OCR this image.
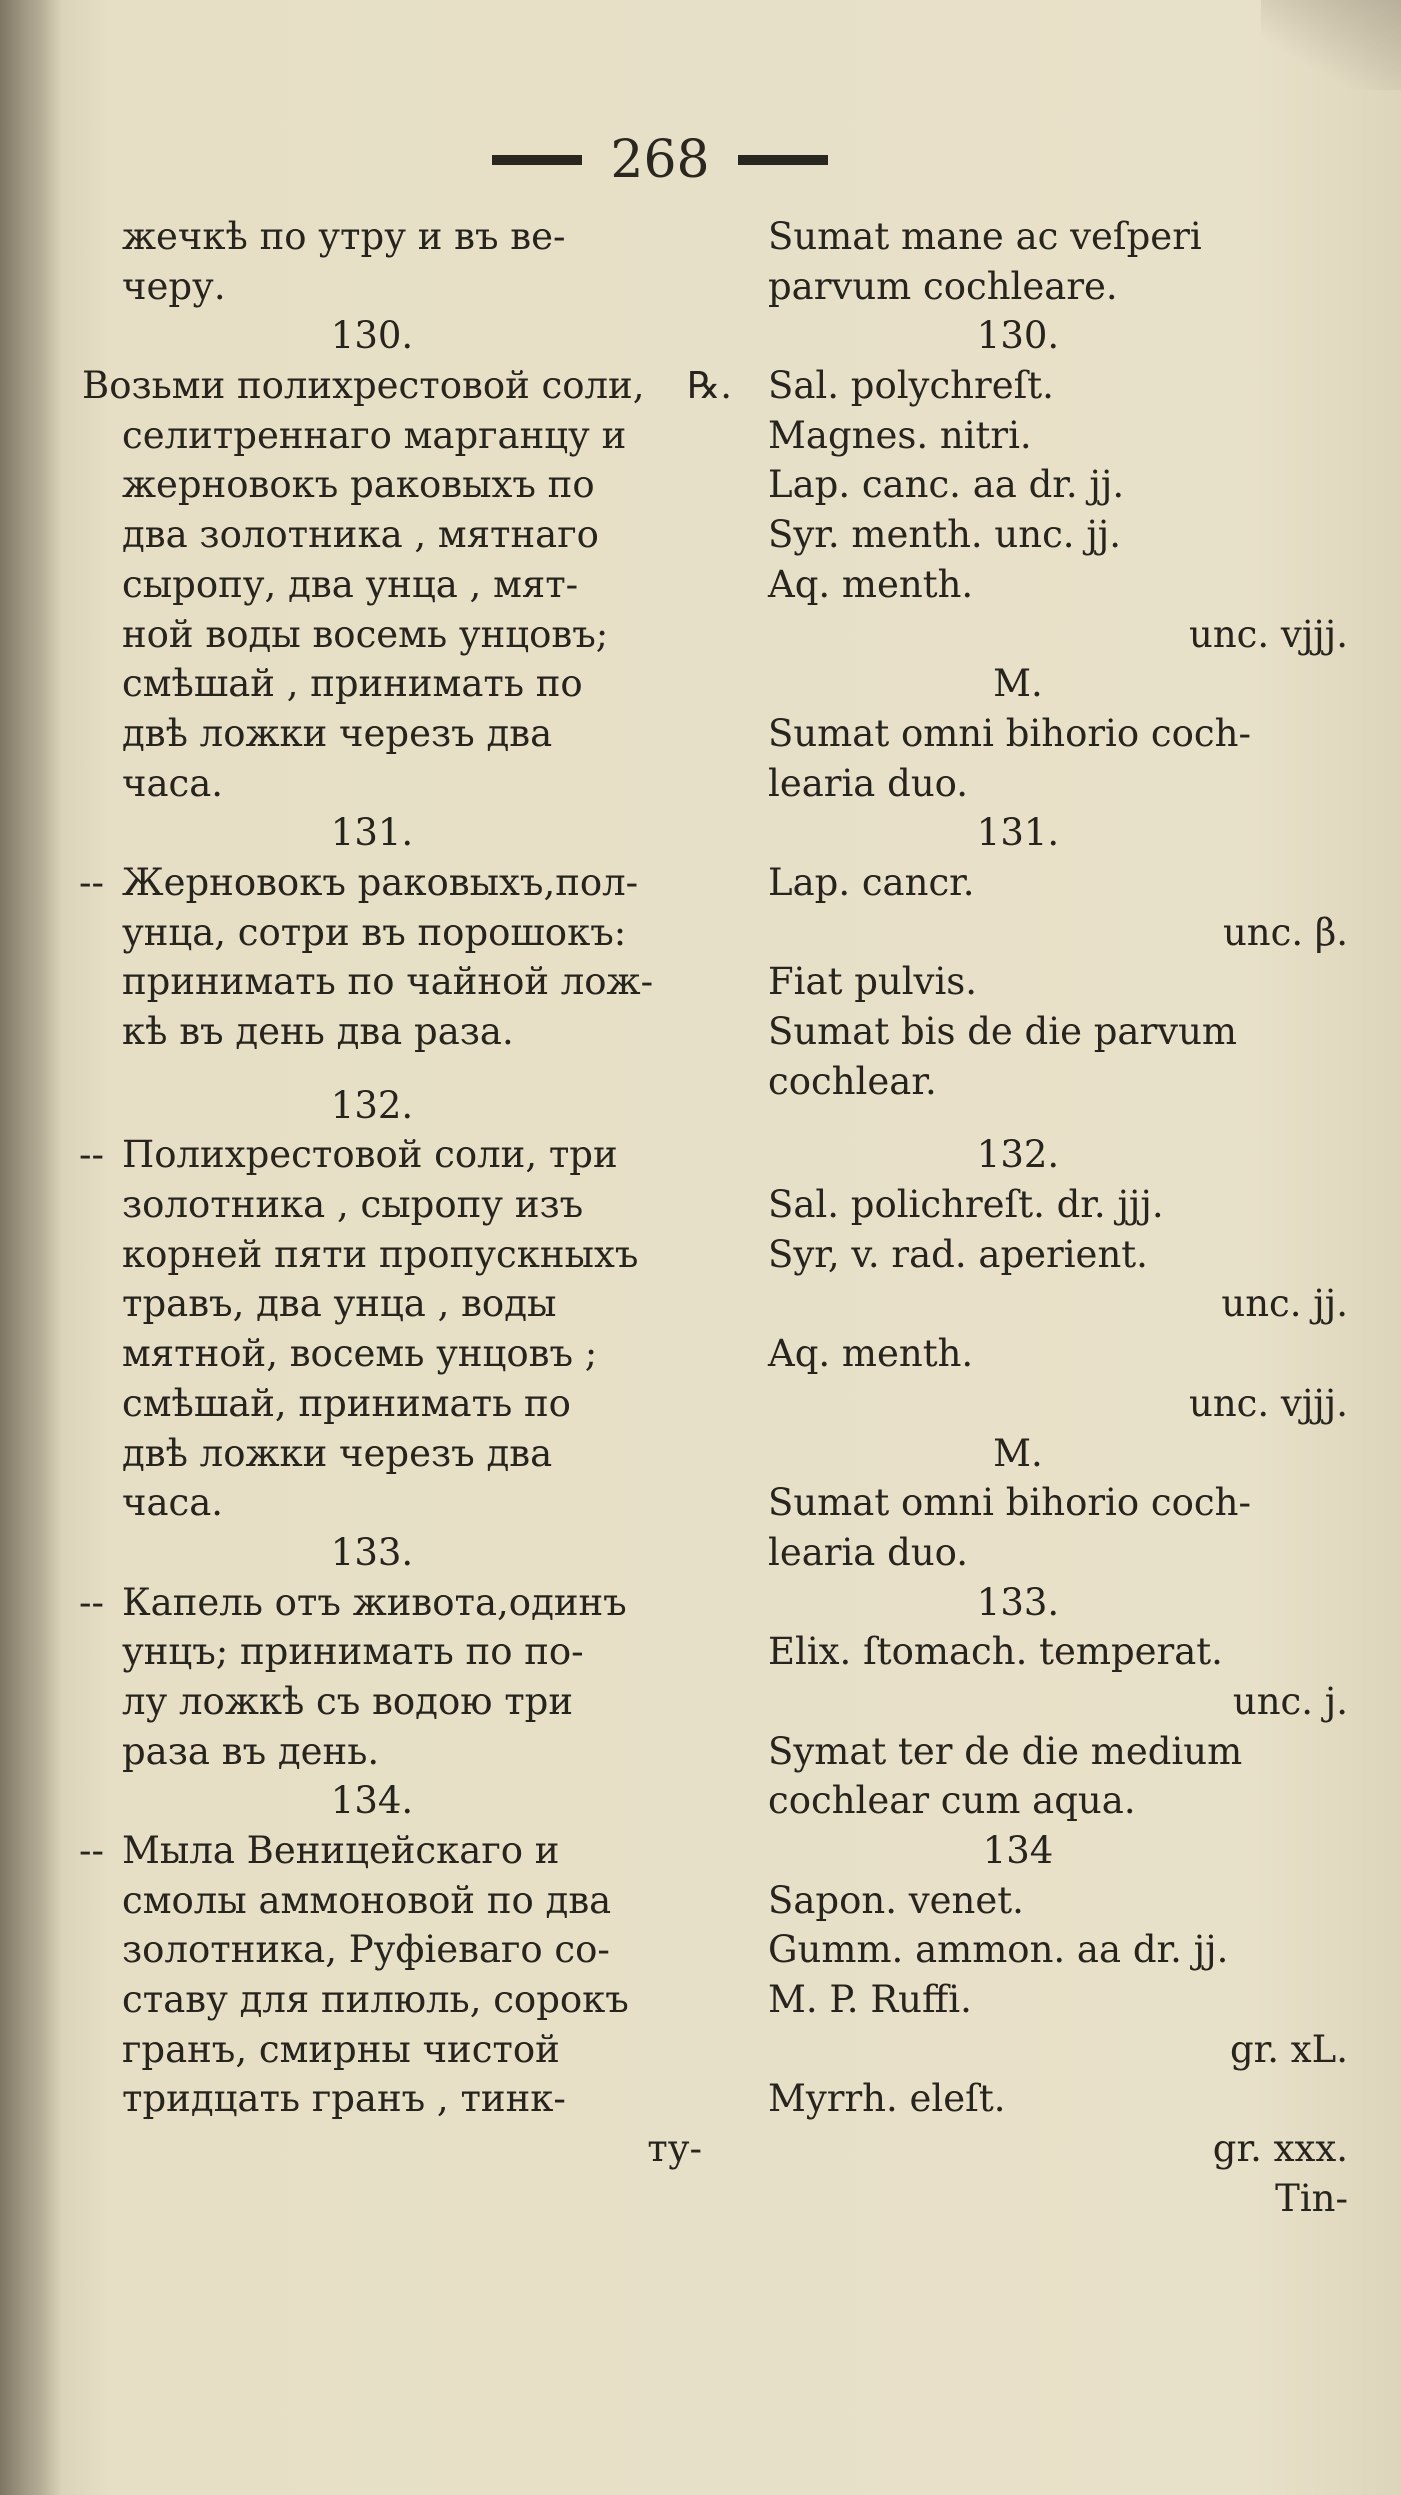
268
жечкѣ по утру и въ ве-
черу.
130.
Возьми полихрестовой соли, ℞.
селитреннаго марганцу и
жерновокъ раковыхъ по
два золотника , мятнаго
сыропу, два унца , мят-
ной воды восемь унцовъ;
смѣшай , принимать по
двѣ ложки черезъ два
часа.
131.
-- Жерновокъ раковыхъ,пол-
унца, сотри въ порошокъ:
принимать по чайной лож-
кѣ въ день два раза.
132.
-- Полихрестовой соли, три
золотника , сыропу изъ
корней пяти пропускныхъ
травъ, два унца , воды
мятной, восемь унцовъ ;
смѣшай, принимать по
двѣ ложки черезъ два
часа.
133.
-- Капель отъ живота,одинъ
унцъ; принимать по по-
лу ложкѣ съ водою три
раза въ день.
134.
-- Мыла Веницейскаго и
смолы аммоновой по два
золотника, Руфіеваго со-
ставу для пилюль, сорокъ
гранъ, смирны чистой
тридцать гранъ , тинк-
ту-
Sumat mane ac veſperi
parvum cochleare.
130.
Sal. polychreſt.
Magnes. nitri.
Lap. canc. aa dr. jj.
Syr. menth. unc. jj.
Aq. menth.
unc. vjjj.
M.
Sumat omni bihorio coch-
learia duo.
131.
Lap. cancr.
unc. β.
Fiat pulvis.
Sumat bis de die parvum
cochlear.
132.
Sal. polichreſt. dr. jjj.
Syr, v. rad. aperient.
unc. jj.
Aq. menth.
unc. vjjj.
M.
Sumat omni bihorio coch-
learia duo.
133.
Elix. ſtomach. temperat.
unc. j.
Symat ter de die medium
cochlear cum aqua.
134
Sapon. venet.
Gumm. ammon. aa dr. jj.
M. P. Ruffi.
gr. xL.
Myrrh. eleſt.
gr. xxx.
Tin-
